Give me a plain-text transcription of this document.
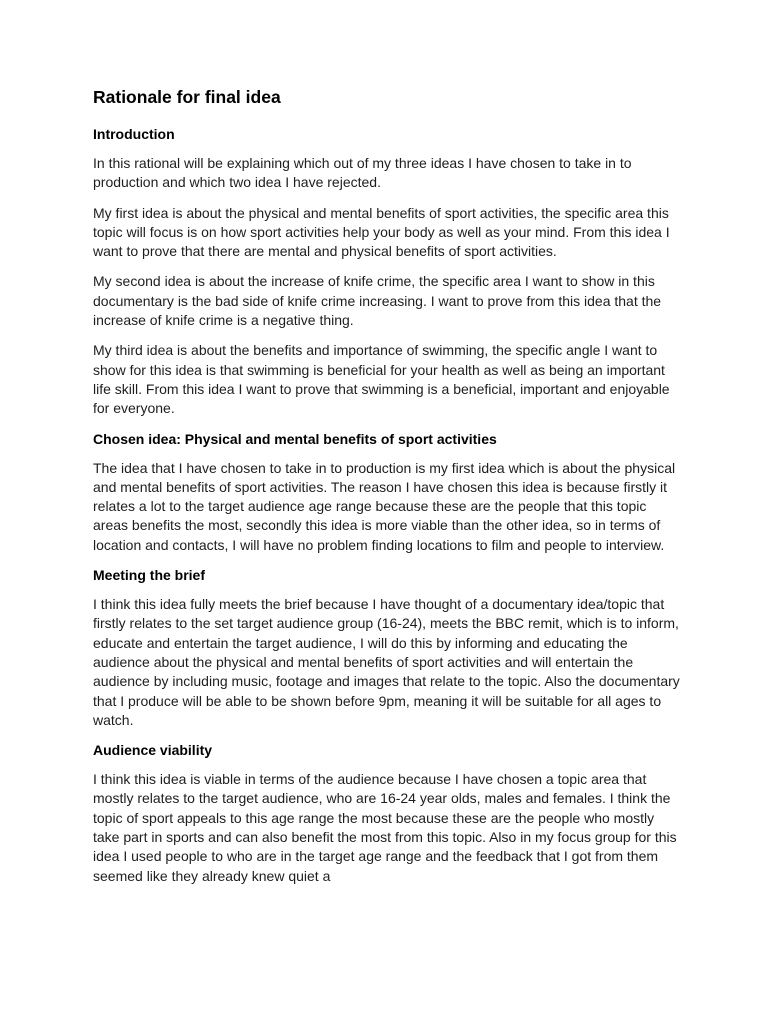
Rationale for final idea
Introduction

In this rational will be explaining which out of my three ideas I have chosen to take in to production and which two idea I have rejected.

My first idea is about the physical and mental benefits of sport activities, the specific area this topic will focus is on how sport activities help your body as well as your mind. From this idea I want to prove that there are mental and physical benefits of sport activities.

My second idea is about the increase of knife crime, the specific area I want to show in this documentary is the bad side of knife crime increasing. I want to prove from this idea that the increase of knife crime is a negative thing.

My third idea is about the benefits and importance of swimming, the specific angle I want to show for this idea is that swimming is beneficial for your health as well as being an important life skill. From this idea I want to prove that swimming is a beneficial, important and enjoyable for everyone.

Chosen idea: Physical and mental benefits of sport activities

The idea that I have chosen to take in to production is my first idea which is about the physical and mental benefits of sport activities. The reason I have chosen this idea is because firstly it relates a lot to the target audience age range because these are the people that this topic areas benefits the most, secondly this idea is more viable than the other idea, so in terms of location and contacts, I will have no problem finding locations to film and people to interview.

Meeting the brief

I think this idea fully meets the brief because I have thought of a documentary idea/topic that firstly relates to the set target audience group (16-24), meets the BBC remit, which is to inform, educate and entertain the target audience, I will do this by informing and educating the audience about the physical and mental benefits of sport activities and will entertain the audience by including music, footage and images that relate to the topic. Also the documentary that I produce will be able to be shown before 9pm, meaning it will be suitable for all ages to watch.

Audience viability

I think this idea is viable in terms of the audience because I have chosen a topic area that mostly relates to the target audience, who are 16-24 year olds, males and females. I think the topic of sport appeals to this age range the most because these are the people who mostly take part in sports and can also benefit the most from this topic. Also in my focus group for this idea I used people to who are in the target age range and the feedback that I got from them seemed like they already knew quiet a
